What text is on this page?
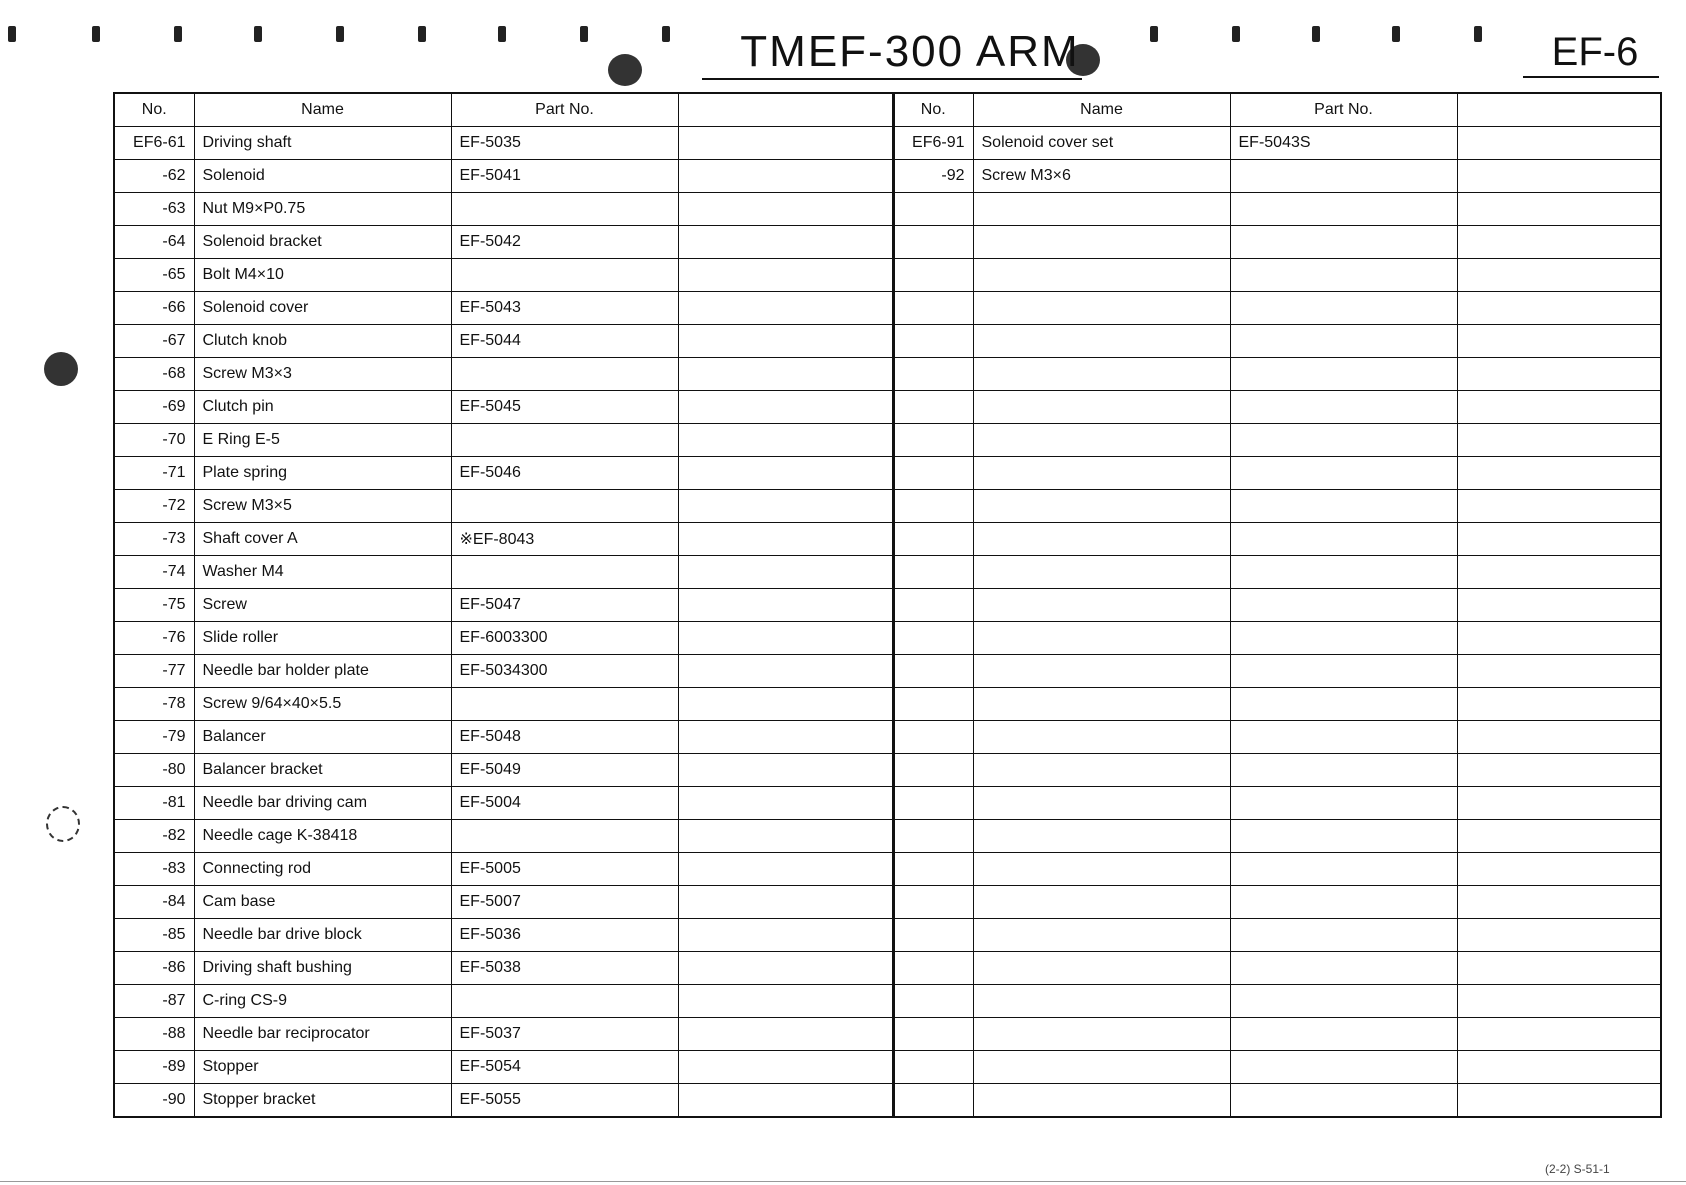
TMEF-300 ARM	EF-6
No.	Name	Part No.	
EF6-61	Driving shaft	EF-5035	
-62	Solenoid	EF-5041	
-63	Nut M9×P0.75		
-64	Solenoid bracket	EF-5042	
-65	Bolt M4×10		
-66	Solenoid cover	EF-5043	
-67	Clutch knob	EF-5044	
-68	Screw M3×3		
-69	Clutch pin	EF-5045	
-70	E Ring E-5		
-71	Plate spring	EF-5046	
-72	Screw M3×5		
-73	Shaft cover A	※EF-8043	
-74	Washer M4		
-75	Screw	EF-5047	
-76	Slide roller	EF-6003300	
-77	Needle bar holder plate	EF-5034300	
-78	Screw 9/64×40×5.5		
-79	Balancer	EF-5048	
-80	Balancer bracket	EF-5049	
-81	Needle bar driving cam	EF-5004	
-82	Needle cage K-38418		
-83	Connecting rod	EF-5005	
-84	Cam base	EF-5007	
-85	Needle bar drive block	EF-5036	
-86	Driving shaft bushing	EF-5038	
-87	C-ring CS-9		
-88	Needle bar reciprocator	EF-5037	
-89	Stopper	EF-5054	
-90	Stopper bracket	EF-5055	
No.	Name	Part No.	
EF6-91	Solenoid cover set	EF-5043S	
-92	Screw M3×6		

(2-2) S-51-1
